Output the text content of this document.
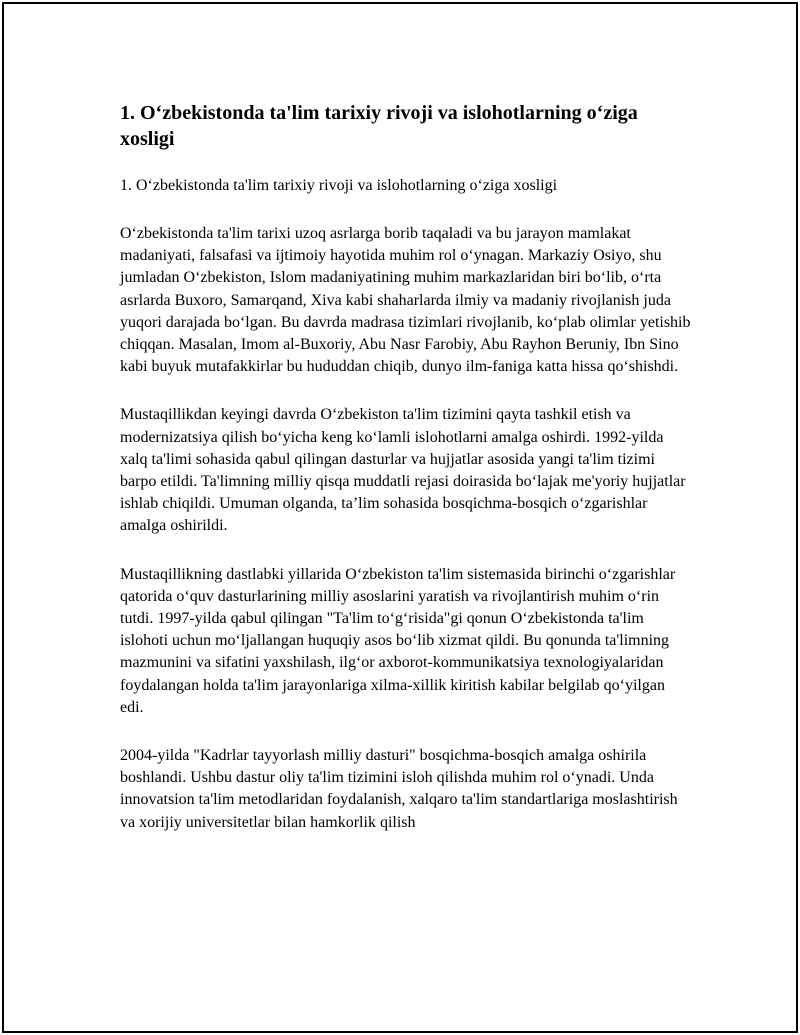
1. O‘zbekistonda ta'lim tarixiy rivoji va islohotlarning o‘ziga xosligi

1. O‘zbekistonda ta'lim tarixiy rivoji va islohotlarning o‘ziga xosligi

O‘zbekistonda ta'lim tarixi uzoq asrlarga borib taqaladi va bu jarayon mamlakat madaniyati, falsafasi va ijtimoiy hayotida muhim rol o‘ynagan. Markaziy Osiyo, shu jumladan O‘zbekiston, Islom madaniyatining muhim markazlaridan biri bo‘lib, o‘rta asrlarda Buxoro, Samarqand, Xiva kabi shaharlarda ilmiy va madaniy rivojlanish juda yuqori darajada bo‘lgan. Bu davrda madrasa tizimlari rivojlanib, ko‘plab olimlar yetishib chiqqan. Masalan, Imom al-Buxoriy, Abu Nasr Farobiy, Abu Rayhon Beruniy, Ibn Sino kabi buyuk mutafakkirlar bu hududdan chiqib, dunyo ilm-faniga katta hissa qo‘shishdi.

Mustaqillikdan keyingi davrda O‘zbekiston ta'lim tizimini qayta tashkil etish va modernizatsiya qilish bo‘yicha keng ko‘lamli islohotlarni amalga oshirdi. 1992-yilda xalq ta'limi sohasida qabul qilingan dasturlar va hujjatlar asosida yangi ta'lim tizimi barpo etildi. Ta'limning milliy qisqa muddatli rejasi doirasida bo‘lajak me'yoriy hujjatlar ishlab chiqildi. Umuman olganda, ta’lim sohasida bosqichma-bosqich o‘zgarishlar amalga oshirildi.

Mustaqillikning dastlabki yillarida O‘zbekiston ta'lim sistemasida birinchi o‘zgarishlar qatorida o‘quv dasturlarining milliy asoslarini yaratish va rivojlantirish muhim o‘rin tutdi. 1997-yilda qabul qilingan "Ta'lim to‘g‘risida"gi qonun O‘zbekistonda ta'lim islohoti uchun mo‘ljallangan huquqiy asos bo‘lib xizmat qildi. Bu qonunda ta'limning mazmunini va sifatini yaxshilash, ilg‘or axborot-kommunikatsiya texnologiyalaridan foydalangan holda ta'lim jarayonlariga xilma-xillik kiritish kabilar belgilab qo‘yilgan edi.

2004-yilda "Kadrlar tayyorlash milliy dasturi" bosqichma-bosqich amalga oshirila boshlandi. Ushbu dastur oliy ta'lim tizimini isloh qilishda muhim rol o‘ynadi. Unda innovatsion ta'lim metodlaridan foydalanish, xalqaro ta'lim standartlariga moslashtirish va xorijiy universitetlar bilan hamkorlik qilish
